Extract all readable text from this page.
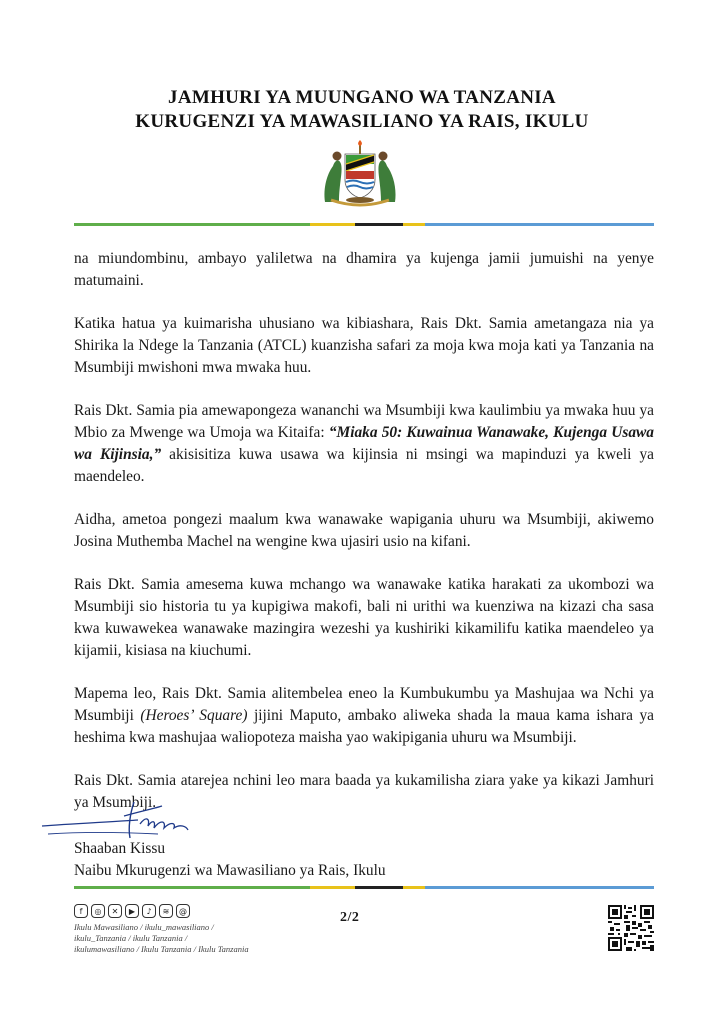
JAMHURI YA MUUNGANO WA TANZANIA
KURUGENZI YA MAWASILIANO YA RAIS, IKULU

na miundombinu, ambayo yaliletwa na dhamira ya kujenga jamii jumuishi na yenye matumaini.

Katika hatua ya kuimarisha uhusiano wa kibiashara, Rais Dkt. Samia ametangaza nia ya Shirika la Ndege la Tanzania (ATCL) kuanzisha safari za moja kwa moja kati ya Tanzania na Msumbiji mwishoni mwa mwaka huu.

Rais Dkt. Samia pia amewapongeza wananchi wa Msumbiji kwa kaulimbiu ya mwaka huu ya Mbio za Mwenge wa Umoja wa Kitaifa: “Miaka 50: Kuwainua Wanawake, Kujenga Usawa wa Kijinsia,” akisisitiza kuwa usawa wa kijinsia ni msingi wa mapinduzi ya kweli ya maendeleo.

Aidha, ametoa pongezi maalum kwa wanawake wapigania uhuru wa Msumbiji, akiwemo Josina Muthemba Machel na wengine kwa ujasiri usio na kifani.

Rais Dkt. Samia amesema kuwa mchango wa wanawake katika harakati za ukombozi wa Msumbiji sio historia tu ya kupigiwa makofi, bali ni urithi wa kuenziwa na kizazi cha sasa kwa kuwawekea wanawake mazingira wezeshi ya kushiriki kikamilifu katika maendeleo ya kijamii, kisiasa na kiuchumi.

Mapema leo, Rais Dkt. Samia alitembelea eneo la Kumbukumbu ya Mashujaa wa Nchi ya Msumbiji (Heroes’ Square) jijini Maputo, ambako aliweka shada la maua kama ishara ya heshima kwa mashujaa waliopoteza maisha yao wakipigania uhuru wa Msumbiji.

Rais Dkt. Samia atarejea nchini leo mara baada ya kukamilisha ziara yake ya kikazi Jamhuri ya Msumbiji.

Shaaban Kissu
Naibu Mkurugenzi wa Mawasiliano ya Rais, Ikulu
f	◎	✕	▶	♪	≋	@
Ikulu Mawasiliano / ikulu_mawasiliano /
ikulu_Tanzania / ikulu Tanzania /
ikulumawasiliano / Ikulu Tanzania / Ikulu Tanzania
2/2
